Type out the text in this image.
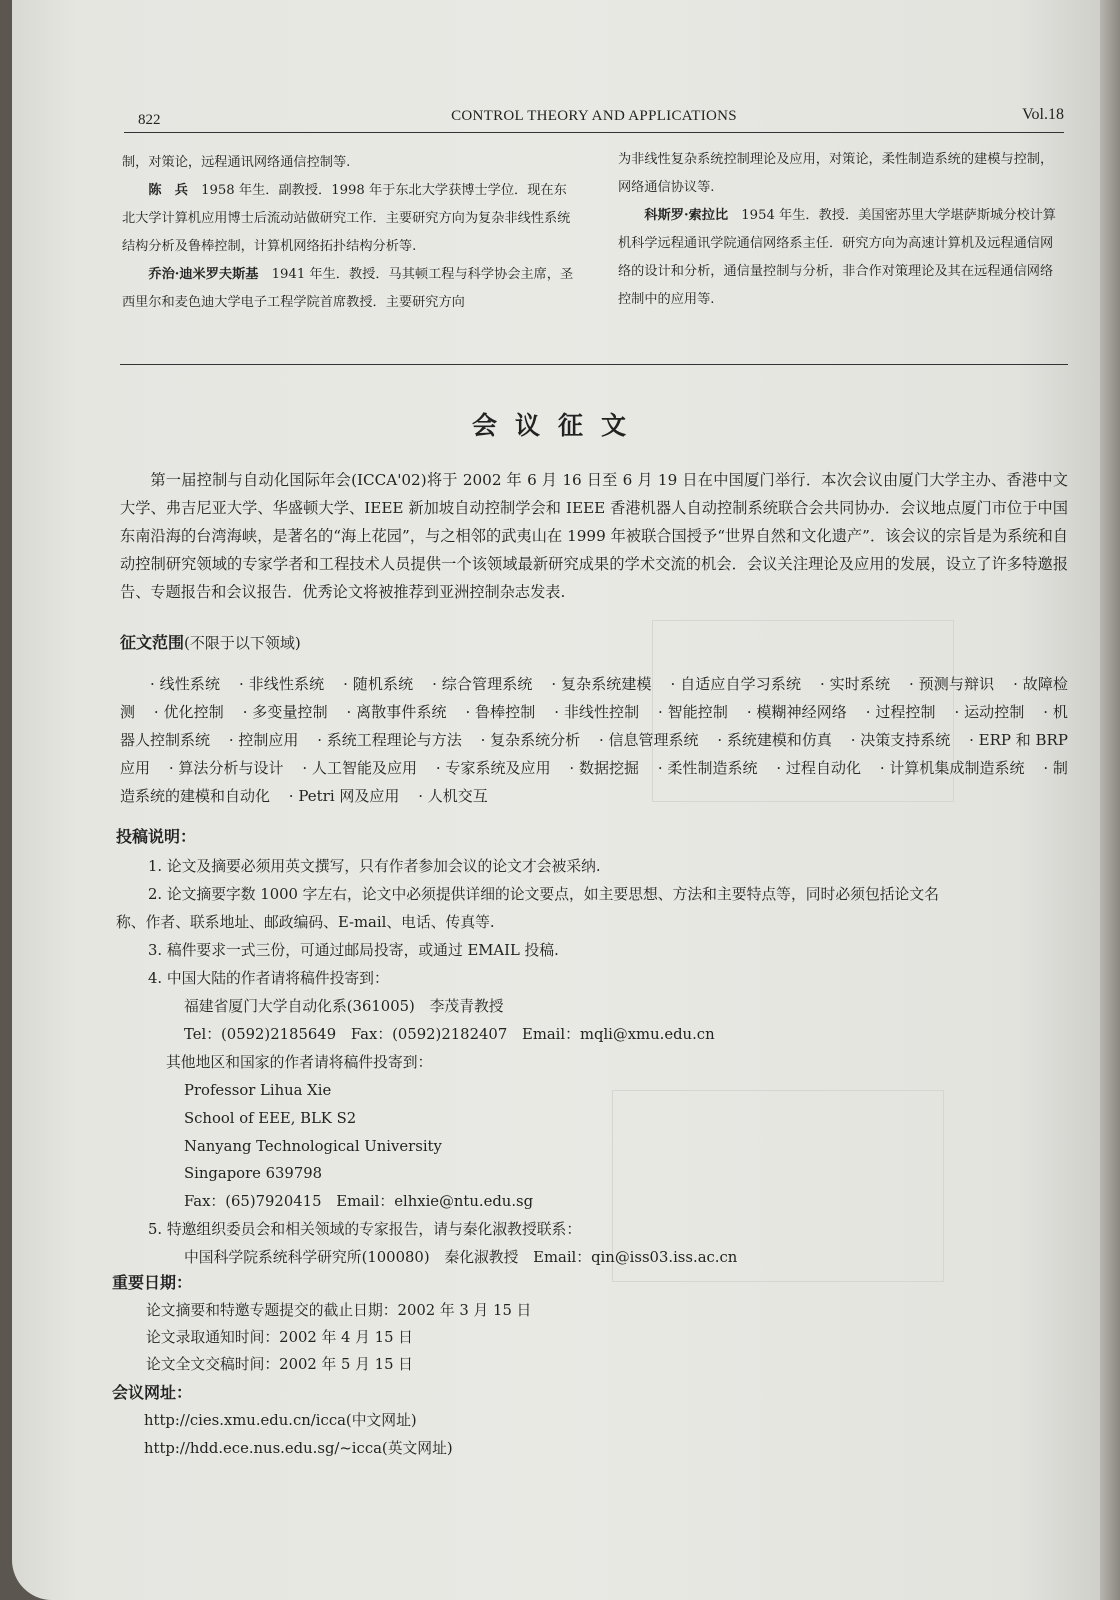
822	CONTROL THEORY AND APPLICATIONS	Vol.18

制，对策论，远程通讯网络通信控制等.

陈　兵　 1958 年生．副教授．1998 年于东北大学获博士学位．现在东北大学计算机应用博士后流动站做研究工作．主要研究方向为复杂非线性系统结构分析及鲁棒控制，计算机网络拓扑结构分析等.

乔治·迪米罗夫斯基　 1941 年生．教授．马其顿工程与科学协会主席，圣西里尔和麦色迪大学电子工程学院首席教授．主要研究方向

为非线性复杂系统控制理论及应用，对策论，柔性制造系统的建模与控制，网络通信协议等.

科斯罗·索拉比　 1954 年生．教授．美国密苏里大学堪萨斯城分校计算机科学远程通讯学院通信网络系主任．研究方向为高速计算机及远程通信网络的设计和分析，通信量控制与分析，非合作对策理论及其在远程通信网络控制中的应用等.

会议征文

第一届控制与自动化国际年会(ICCA'02)将于 2002 年 6 月 16 日至 6 月 19 日在中国厦门举行．本次会议由厦门大学主办、香港中文大学、弗吉尼亚大学、华盛顿大学、IEEE 新加坡自动控制学会和 IEEE 香港机器人自动控制系统联合会共同协办．会议地点厦门市位于中国东南沿海的台湾海峡，是著名的“海上花园”，与之相邻的武夷山在 1999 年被联合国授予“世界自然和文化遗产”．该会议的宗旨是为系统和自动控制研究领域的专家学者和工程技术人员提供一个该领域最新研究成果的学术交流的机会．会议关注理论及应用的发展，设立了许多特邀报告、专题报告和会议报告．优秀论文将被推荐到亚洲控制杂志发表.

征文范围(不限于以下领域)

· 线性系统 · 非线性系统 · 随机系统 · 综合管理系统 · 复杂系统建模 · 自适应自学习系统 · 实时系统 · 预测与辩识 · 故障检测 · 优化控制 · 多变量控制 · 离散事件系统 · 鲁棒控制 · 非线性控制 · 智能控制 · 模糊神经网络 · 过程控制 · 运动控制 · 机器人控制系统 · 控制应用 · 系统工程理论与方法 · 复杂系统分析 · 信息管理系统 · 系统建模和仿真 · 决策支持系统 · ERP 和 BRP 应用 · 算法分析与设计 · 人工智能及应用 · 专家系统及应用 · 数据挖掘 · 柔性制造系统 · 过程自动化 · 计算机集成制造系统 · 制造系统的建模和自动化 · Petri 网及应用 · 人机交互

投稿说明：
1. 论文及摘要必须用英文撰写，只有作者参加会议的论文才会被采纳.
2. 论文摘要字数 1000 字左右，论文中必须提供详细的论文要点，如主要思想、方法和主要特点等，同时必须包括论文名
称、作者、联系地址、邮政编码、E-mail、电话、传真等.
3. 稿件要求一式三份，可通过邮局投寄，或通过 EMAIL 投稿.
4. 中国大陆的作者请将稿件投寄到：
福建省厦门大学自动化系(361005)　李茂青教授
Tel：(0592)2185649　Fax：(0592)2182407　Email：mqli@xmu.edu.cn
其他地区和国家的作者请将稿件投寄到：
Professor Lihua Xie
School of EEE, BLK S2
Nanyang Technological University
Singapore 639798
Fax：(65)7920415　Email：elhxie@ntu.edu.sg
5. 特邀组织委员会和相关领域的专家报告，请与秦化淑教授联系：
中国科学院系统科学研究所(100080)　秦化淑教授　Email：qin@iss03.iss.ac.cn
重要日期：
论文摘要和特邀专题提交的截止日期：2002 年 3 月 15 日
论文录取通知时间：2002 年 4 月 15 日
论文全文交稿时间：2002 年 5 月 15 日
会议网址：
http://cies.xmu.edu.cn/icca(中文网址)
http://hdd.ece.nus.edu.sg/~icca(英文网址)
